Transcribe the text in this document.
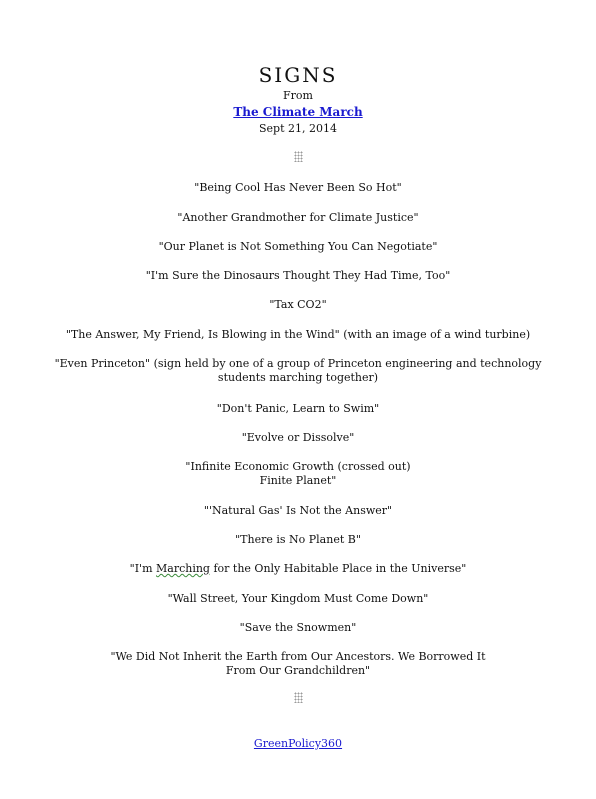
SIGNS
From
The Climate March
Sept 21, 2014
"Being Cool Has Never Been So Hot"
"Another Grandmother for Climate Justice"
"Our Planet is Not Something You Can Negotiate"
"I'm Sure the Dinosaurs Thought They Had Time, Too"
"Tax CO2"
"The Answer, My Friend, Is Blowing in the Wind" (with an image of a wind turbine)
"Even Princeton" (sign held by one of a group of Princeton engineering and technology students marching together)
"Don't Panic, Learn to Swim"
"Evolve or Dissolve"
"Infinite Economic Growth (crossed out)
Finite Planet"
"'Natural Gas' Is Not the Answer"
"There is No Planet B"
"I'm Marching for the Only Habitable Place in the Universe"
"Wall Street, Your Kingdom Must Come Down"
"Save the Snowmen"
"We Did Not Inherit the Earth from Our Ancestors. We Borrowed It From Our Grandchildren"
GreenPolicy360
